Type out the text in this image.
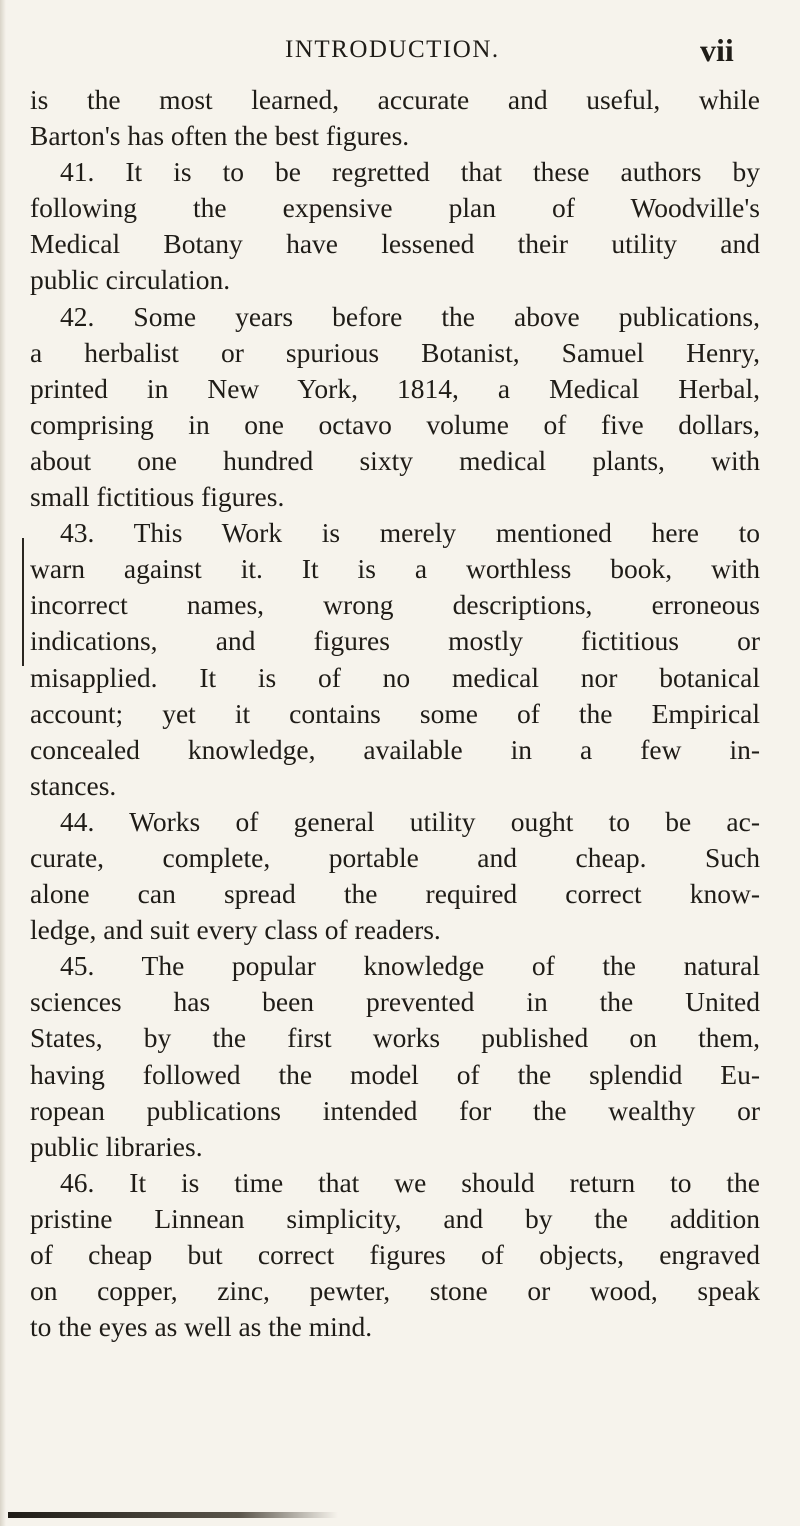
INTRODUCTION.	vii
is the most learned, accurate and useful, while
Barton's has often the best figures.
41. It is to be regretted that these authors by
following the expensive plan of Woodville's
Medical Botany have lessened their utility and
public circulation.
42. Some years before the above publications,
a herbalist or spurious Botanist, Samuel Henry,
printed in New York, 1814, a Medical Herbal,
comprising in one octavo volume of five dollars,
about one hundred sixty medical plants, with
small fictitious figures.
43. This Work is merely mentioned here to
warn against it. It is a worthless book, with
incorrect names, wrong descriptions, erroneous
indications, and figures mostly fictitious or
misapplied. It is of no medical nor botanical
account; yet it contains some of the Empirical
concealed knowledge, available in a few in-
stances.
44. Works of general utility ought to be ac-
curate, complete, portable and cheap. Such
alone can spread the required correct know-
ledge, and suit every class of readers.
45. The popular knowledge of the natural
sciences has been prevented in the United
States, by the first works published on them,
having followed the model of the splendid Eu-
ropean publications intended for the wealthy or
public libraries.
46. It is time that we should return to the
pristine Linnean simplicity, and by the addition
of cheap but correct figures of objects, engraved
on copper, zinc, pewter, stone or wood, speak
to the eyes as well as the mind.
